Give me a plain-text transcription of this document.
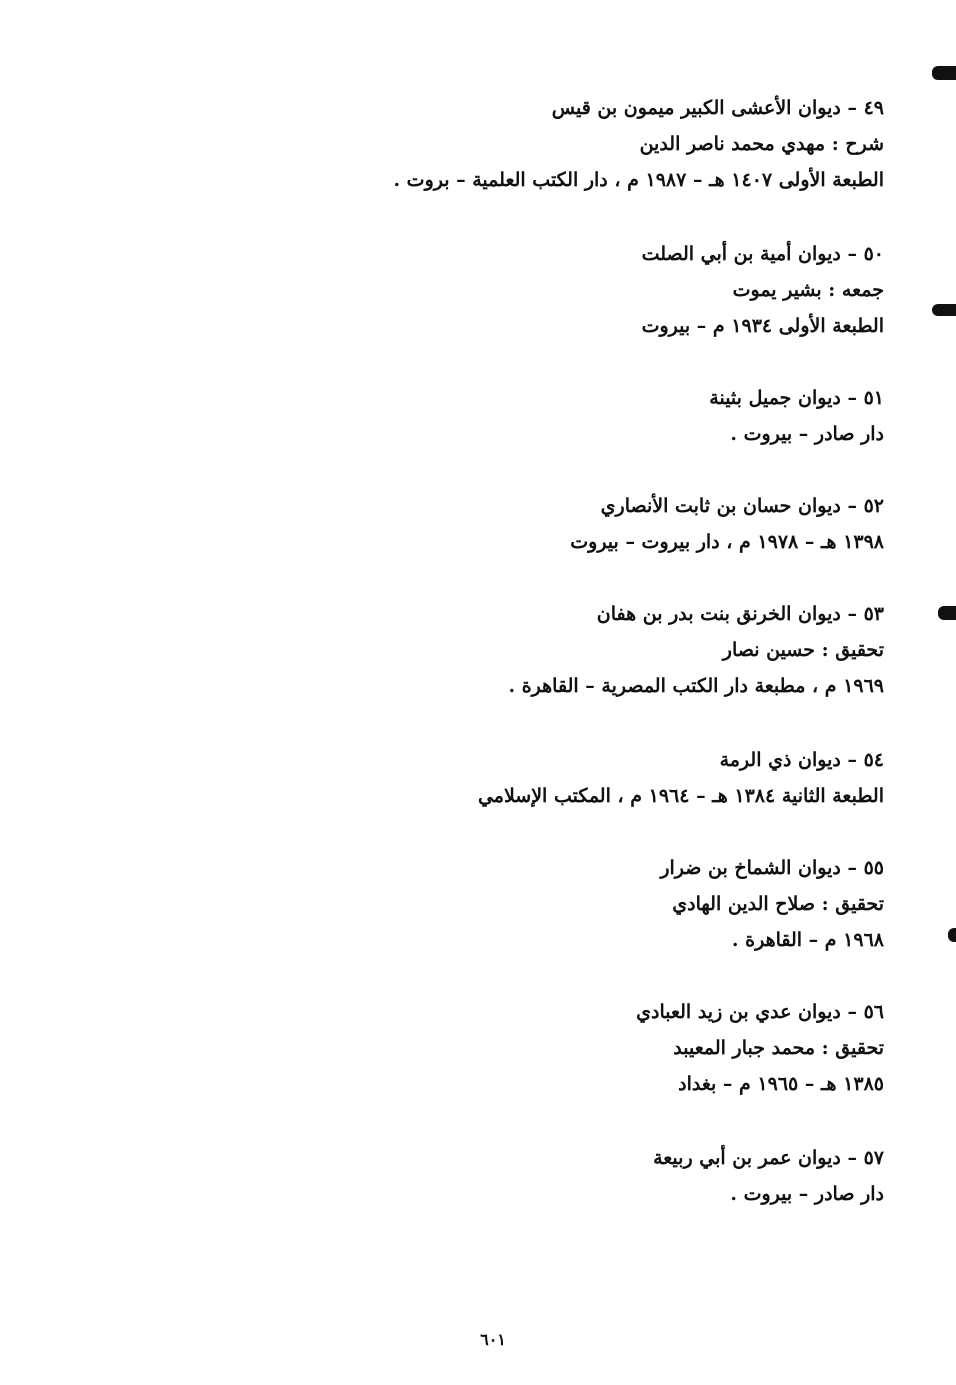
٤٩ – ديوان الأعشى الكبير ميمون بن قيس
شرح : مهدي محمد ناصر الدين
الطبعة الأولى ١٤٠٧ هـ – ١٩٨٧ م ، دار الكتب العلمية – بروت .
٥٠ – ديوان أمية بن أبي الصلت
جمعه : بشير يموت
الطبعة الأولى ١٩٣٤ م – بيروت
٥١ – ديوان جميل بثينة
دار صادر – بيروت .
٥٢ – ديوان حسان بن ثابت الأنصاري
١٣٩٨ هـ – ١٩٧٨ م ، دار بيروت – بيروت
٥٣ – ديوان الخرنق بنت بدر بن هفان
تحقيق : حسين نصار
١٩٦٩ م ، مطبعة دار الكتب المصرية – القاهرة .
٥٤ – ديوان ذي الرمة
الطبعة الثانية ١٣٨٤ هـ – ١٩٦٤ م ، المكتب الإسلامي
٥٥ – ديوان الشماخ بن ضرار
تحقيق : صلاح الدين الهادي
١٩٦٨ م – القاهرة .
٥٦ – ديوان عدي بن زيد العبادي
تحقيق : محمد جبار المعيبد
١٣٨٥ هـ – ١٩٦٥ م – بغداد
٥٧ – ديوان عمر بن أبي ربيعة
دار صادر – بيروت .
٦٠١
